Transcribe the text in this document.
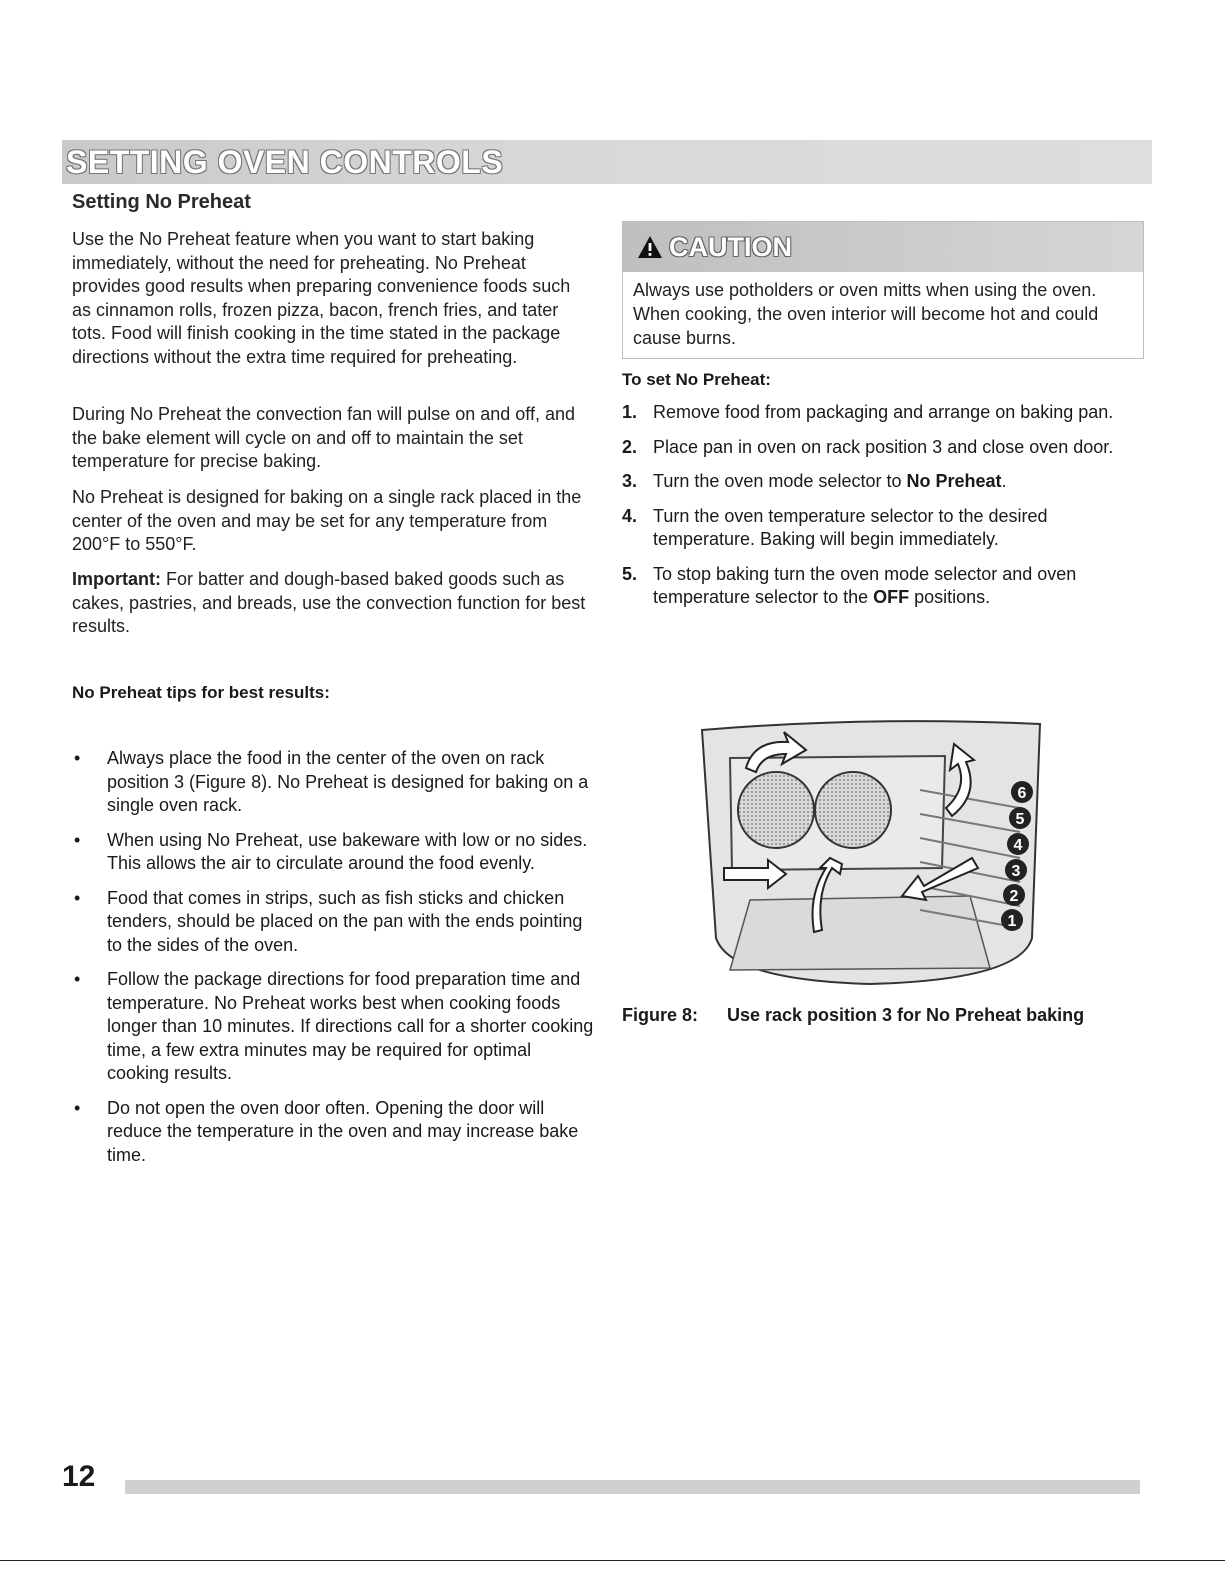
SETTING OVEN CONTROLS
Setting No Preheat
Use the No Preheat feature when you want to start baking immediately, without the need for preheating. No Preheat provides good results when preparing convenience foods such as cinnamon rolls, frozen pizza, bacon, french fries, and tater tots. Food will finish cooking in the time stated in the package directions without the extra time required for preheating.
During No Preheat the convection fan will pulse on and off, and the bake element will cycle on and off to maintain the set temperature for precise baking.
No Preheat is designed for baking on a single rack placed in the center of the oven and may be set for any temperature from 200°F to 550°F.
Important: For batter and dough-based baked goods such as cakes, pastries, and breads, use the convection function for best results.
CAUTION
Always use potholders or oven mitts when using the oven. When cooking, the oven interior will become hot and could cause burns.
To set No Preheat:
1. Remove food from packaging and arrange on baking pan.
2. Place pan in oven on rack position 3 and close oven door.
3. Turn the oven mode selector to No Preheat.
4. Turn the oven temperature selector to the desired temperature. Baking will begin immediately.
5. To stop baking turn the oven mode selector and oven temperature selector to the OFF positions.
No Preheat tips for best results:
•	Always place the food in the center of the oven on rack position 3 (Figure 8). No Preheat is designed for baking on a single oven rack.
•	When using No Preheat, use bakeware with low or no sides. This allows the air to circulate around the food evenly.
•	Food that comes in strips, such as fish sticks and chicken tenders, should be placed on the pan with the ends pointing to the sides of the oven.
•	Follow the package directions for food preparation time and temperature. No Preheat works best when cooking foods longer than 10 minutes. If directions call for a shorter cooking time, a few extra minutes may be required for optimal cooking results.
•	Do not open the oven door often. Opening the door will reduce the temperature in the oven and may increase bake time.
6
5
4
3
2
1
Figure 8: Use rack position 3 for No Preheat baking
12
